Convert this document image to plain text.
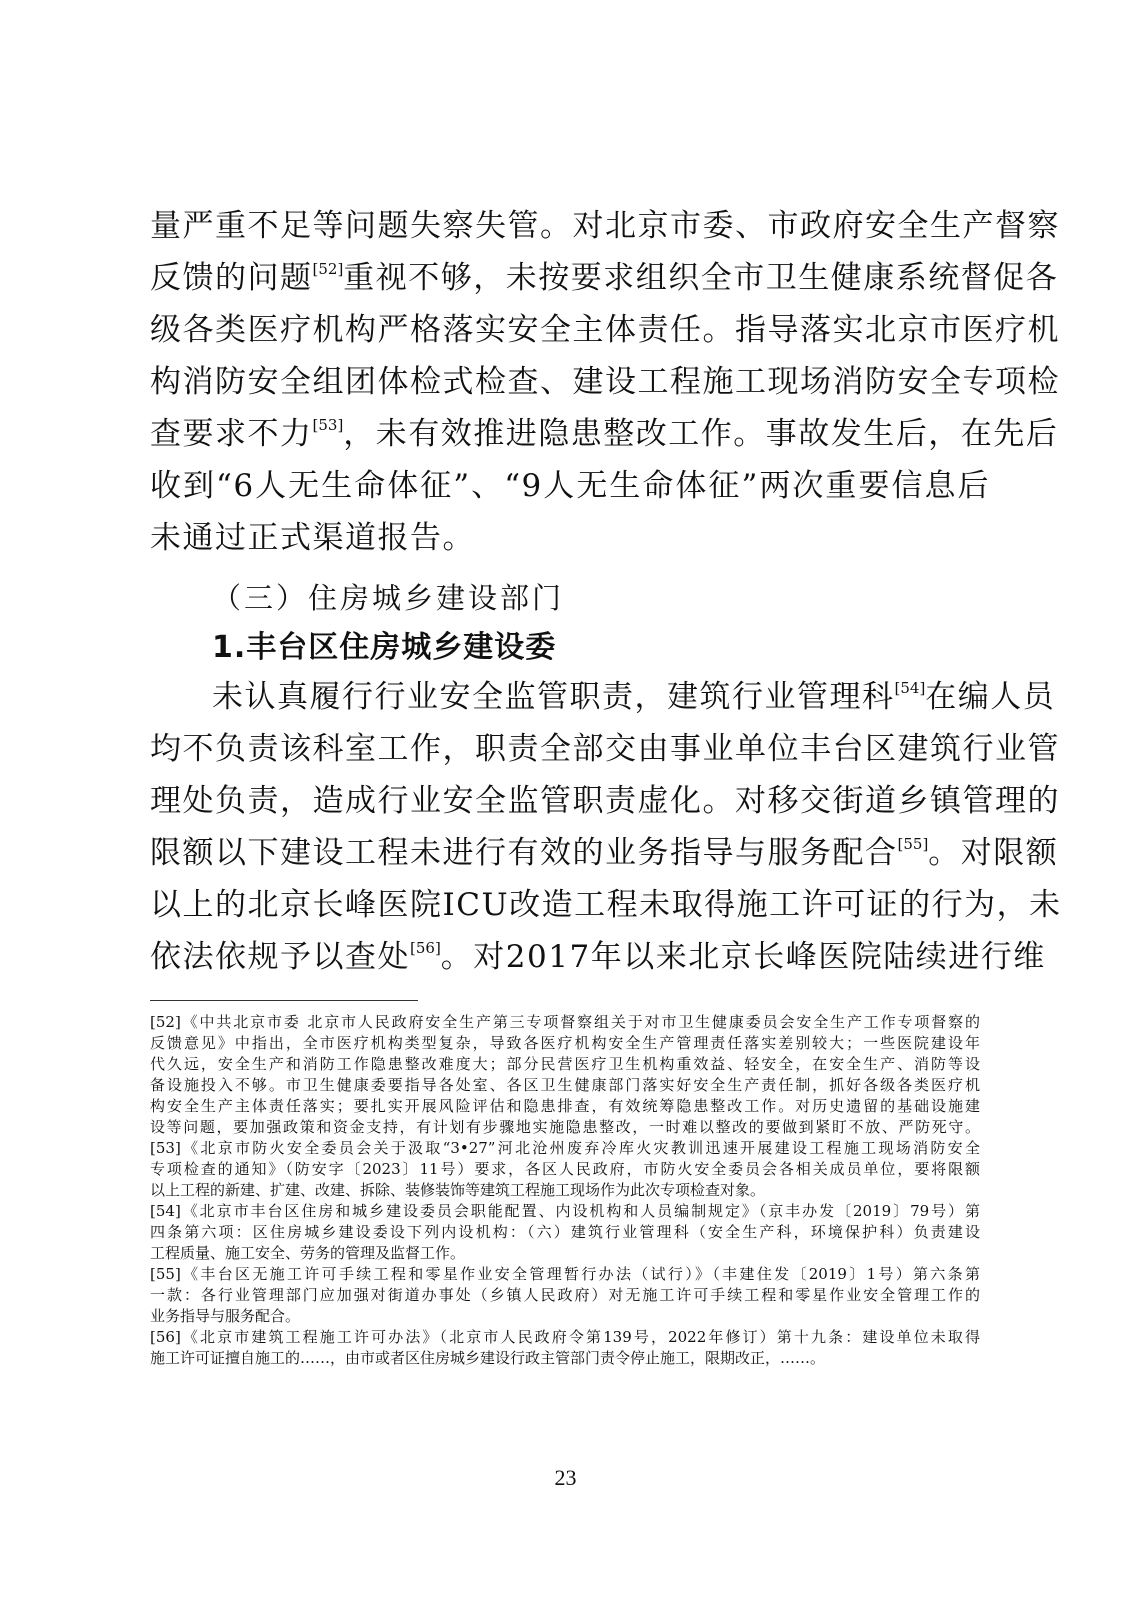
量严重不足等问题失察失管。对北京市委、市政府安全生产督察
反馈的问题[52]重视不够，未按要求组织全市卫生健康系统督促各
级各类医疗机构严格落实安全主体责任。指导落实北京市医疗机
构消防安全组团体检式检查、建设工程施工现场消防安全专项检
查要求不力[53]，未有效推进隐患整改工作。事故发生后，在先后
收到“6人无生命体征”、“9人无生命体征”两次重要信息后
未通过正式渠道报告。
（三）住房城乡建设部门
1.丰台区住房城乡建设委
未认真履行行业安全监管职责，建筑行业管理科[54]在编人员
均不负责该科室工作，职责全部交由事业单位丰台区建筑行业管
理处负责，造成行业安全监管职责虚化。对移交街道乡镇管理的
限额以下建设工程未进行有效的业务指导与服务配合[55]。对限额
以上的北京长峰医院ICU改造工程未取得施工许可证的行为，未
依法依规予以查处[56]。对2017年以来北京长峰医院陆续进行维
[52]《中共北京市委 北京市人民政府安全生产第三专项督察组关于对市卫生健康委员会安全生产工作专项督察的
反馈意见》中指出，全市医疗机构类型复杂，导致各医疗机构安全生产管理责任落实差别较大；一些医院建设年
代久远，安全生产和消防工作隐患整改难度大；部分民营医疗卫生机构重效益、轻安全，在安全生产、消防等设
备设施投入不够。市卫生健康委要指导各处室、各区卫生健康部门落实好安全生产责任制，抓好各级各类医疗机
构安全生产主体责任落实；要扎实开展风险评估和隐患排查，有效统筹隐患整改工作。对历史遗留的基础设施建
设等问题，要加强政策和资金支持，有计划有步骤地实施隐患整改，一时难以整改的要做到紧盯不放、严防死守。
[53]《北京市防火安全委员会关于汲取“3•27”河北沧州废弃冷库火灾教训迅速开展建设工程施工现场消防安全
专项检查的通知》（防安字〔2023〕11号）要求，各区人民政府，市防火安全委员会各相关成员单位，要将限额
以上工程的新建、扩建、改建、拆除、装修装饰等建筑工程施工现场作为此次专项检查对象。
[54]《北京市丰台区住房和城乡建设委员会职能配置、内设机构和人员编制规定》（京丰办发〔2019〕79号）第
四条第六项：区住房城乡建设委设下列内设机构：（六）建筑行业管理科（安全生产科，环境保护科）负责建设
工程质量、施工安全、劳务的管理及监督工作。
[55]《丰台区无施工许可手续工程和零星作业安全管理暂行办法（试行）》（丰建住发〔2019〕1号）第六条第
一款：各行业管理部门应加强对街道办事处（乡镇人民政府）对无施工许可手续工程和零星作业安全管理工作的
业务指导与服务配合。
[56]《北京市建筑工程施工许可办法》（北京市人民政府令第139号，2022年修订）第十九条：建设单位未取得
施工许可证擅自施工的……，由市或者区住房城乡建设行政主管部门责令停止施工，限期改正，……。
23
